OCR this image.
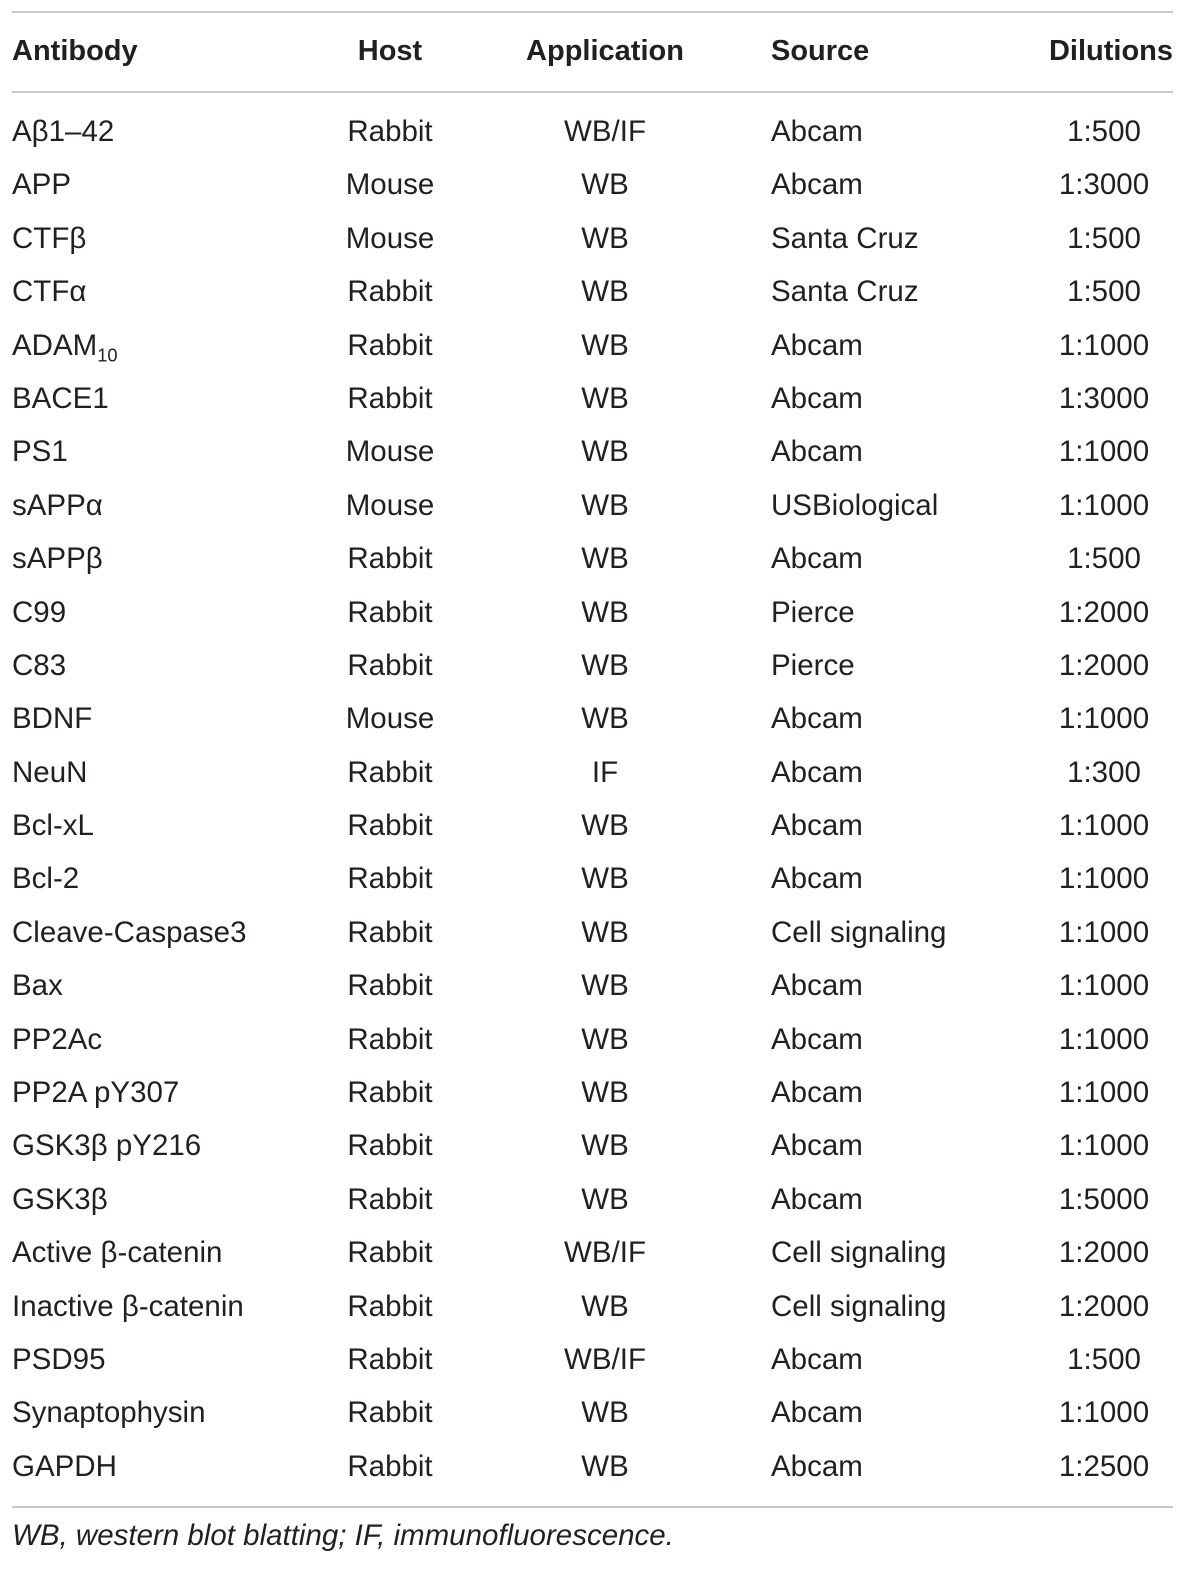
Antibody	Host	Application	Source	Dilutions
Aβ1–42	Rabbit	WB/IF	Abcam	1:500
APP	Mouse	WB	Abcam	1:3000
CTFβ	Mouse	WB	Santa Cruz	1:500
CTFα	Rabbit	WB	Santa Cruz	1:500
$ADAM_{10}$	Rabbit	WB	Abcam	1:1000
BACE1	Rabbit	WB	Abcam	1:3000
PS1	Mouse	WB	Abcam	1:1000
sAPPα	Mouse	WB	USBiological	1:1000
sAPPβ	Rabbit	WB	Abcam	1:500
C99	Rabbit	WB	Pierce	1:2000
C83	Rabbit	WB	Pierce	1:2000
BDNF	Mouse	WB	Abcam	1:1000
NeuN	Rabbit	IF	Abcam	1:300
Bcl-xL	Rabbit	WB	Abcam	1:1000
Bcl-2	Rabbit	WB	Abcam	1:1000
Cleave-Caspase3	Rabbit	WB	Cell signaling	1:1000
Bax	Rabbit	WB	Abcam	1:1000
PP2Ac	Rabbit	WB	Abcam	1:1000
PP2A pY307	Rabbit	WB	Abcam	1:1000
GSK3β pY216	Rabbit	WB	Abcam	1:1000
GSK3β	Rabbit	WB	Abcam	1:5000
Active β-catenin	Rabbit	WB/IF	Cell signaling	1:2000
Inactive β-catenin	Rabbit	WB	Cell signaling	1:2000
PSD95	Rabbit	WB/IF	Abcam	1:500
Synaptophysin	Rabbit	WB	Abcam	1:1000
GAPDH	Rabbit	WB	Abcam	1:2500
WB, western blot blatting; IF, immunofluorescence.
